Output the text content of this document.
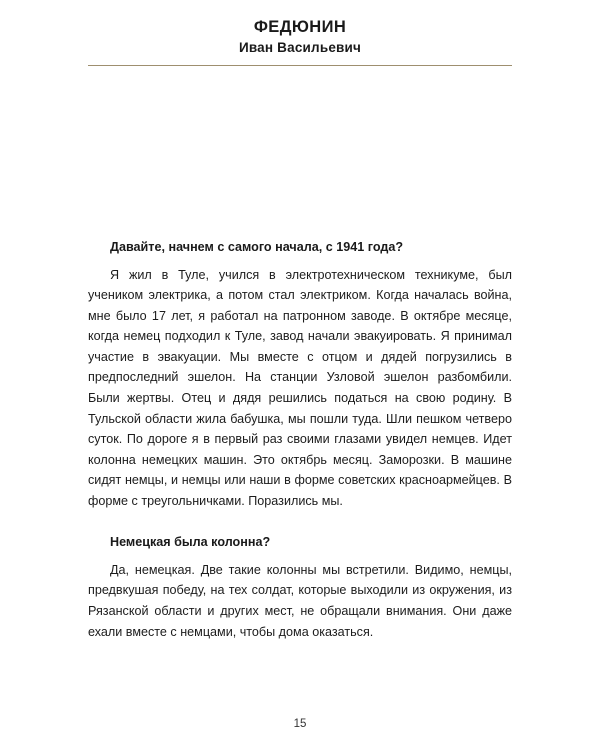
ФЕДЮНИН
Иван Васильевич
Давайте, начнем с самого начала, с 1941 года?

Я жил в Туле, учился в электротехническом техникуме, был учеником электрика, а потом стал электриком. Когда началась война, мне было 17 лет, я работал на патронном заводе. В октябре месяце, когда немец подходил к Туле, завод начали эвакуировать. Я принимал участие в эвакуации. Мы вместе с отцом и дядей погрузились в предпоследний эшелон. На станции Узловой эшелон разбомбили. Были жертвы. Отец и дядя решились податься на свою родину. В Тульской области жила бабушка, мы пошли туда. Шли пешком четверо суток. По дороге я в первый раз своими глазами увидел немцев. Идет колонна немецких машин. Это октябрь месяц. Заморозки. В машине сидят немцы, и немцы или наши в форме советских красноармейцев. В форме с треугольничками. Поразились мы.

Немецкая была колонна?

Да, немецкая. Две такие колонны мы встретили. Видимо, немцы, предвкушая победу, на тех солдат, которые выходили из окружения, из Рязанской области и других мест, не обращали внимания. Они даже ехали вместе с немцами, чтобы дома оказаться.

15
